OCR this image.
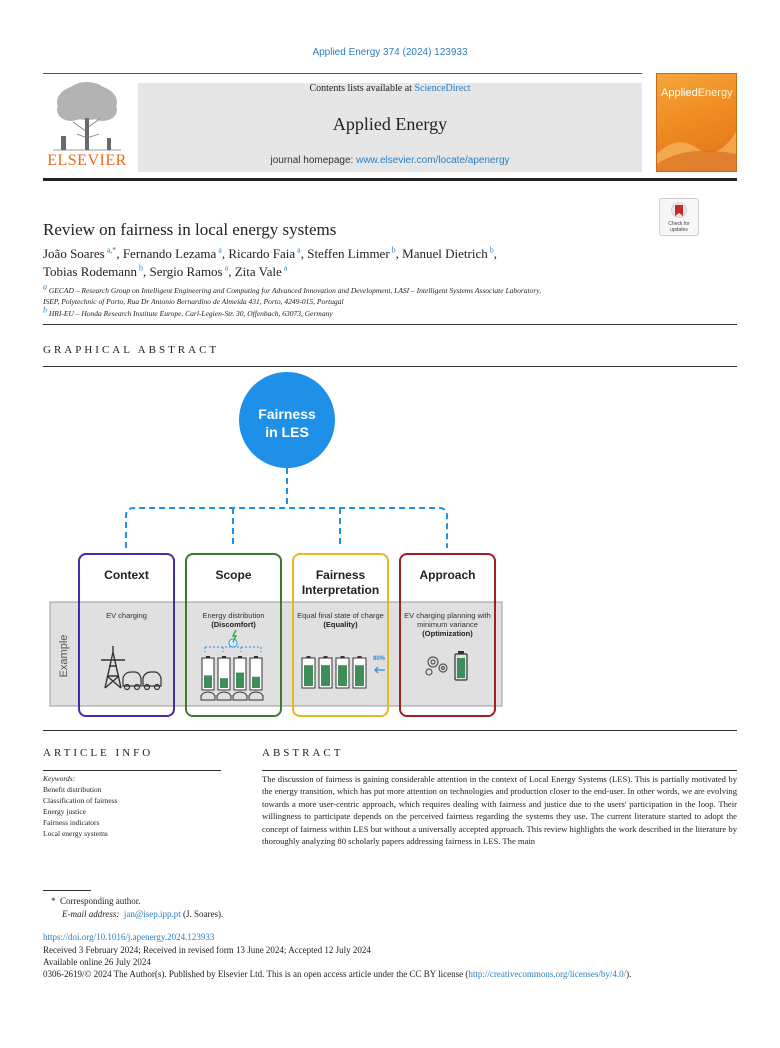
Applied Energy 374 (2024) 123933
ELSEVIER
Contents lists available at ScienceDirect
Applied Energy
journal homepage: www.elsevier.com/locate/apenergy
AppliedEnergy
Check for updates
Review on fairness in local energy systems
João Soares $^{a,*}$, Fernando Lezama $^a$, Ricardo Faia $^a$, Steffen Limmer $^b$, Manuel Dietrich $^b$,
Tobias Rodemann $^b$, Sergio Ramos $^a$, Zita Vale $^a$
$^a$ GECAD – Research Group on Intelligent Engineering and Computing for Advanced Innovation and Development, LASI – Intelligent Systems Associate Laboratory,
ISEP, Polytechnic of Porto, Rua Dr Antonio Bernardino de Almeida 431, Porto, 4249-015, Portugal
$^b$ HRI-EU – Honda Research Institute Europe, Carl-Legien-Str. 30, Offenbach, 63073, Germany
GRAPHICAL ABSTRACT
Example
Fairness
in LES
Context
EV charging
Scope
Energy distribution
(Discomfort)
Fairness
Interpretation
Equal final state of charge
(Equality)
Approach
EV charging planning with
minimum variance
(Optimization)
?
80%
ARTICLE INFO	ABSTRACT
Keywords:
Benefit distribution
Classification of fairness
Energy justice
Fairness indicators
Local energy systems
The discussion of fairness is gaining considerable attention in the context of Local Energy Systems (LES). This is partially motivated by the energy transition, which has put more attention on technologies and production closer to the end-user. In other words, we are evolving towards a more user-centric approach, which requires dealing with fairness and justice due to the users' participation in the loop. Their willingness to participate depends on the perceived fairness regarding the systems they use. The current literature started to adopt the concept of fairness within LES but without a universally accepted approach. This review highlights the work described in the literature by thoroughly analyzing 80 scholarly papers addressing fairness in LES. The main
* Corresponding author.
E-mail address: jan@isep.ipp.pt (J. Soares).
https://doi.org/10.1016/j.apenergy.2024.123933
Received 3 February 2024; Received in revised form 13 June 2024; Accepted 12 July 2024
Available online 26 July 2024
0306-2619/© 2024 The Author(s). Published by Elsevier Ltd. This is an open access article under the CC BY license (http://creativecommons.org/licenses/by/4.0/).
